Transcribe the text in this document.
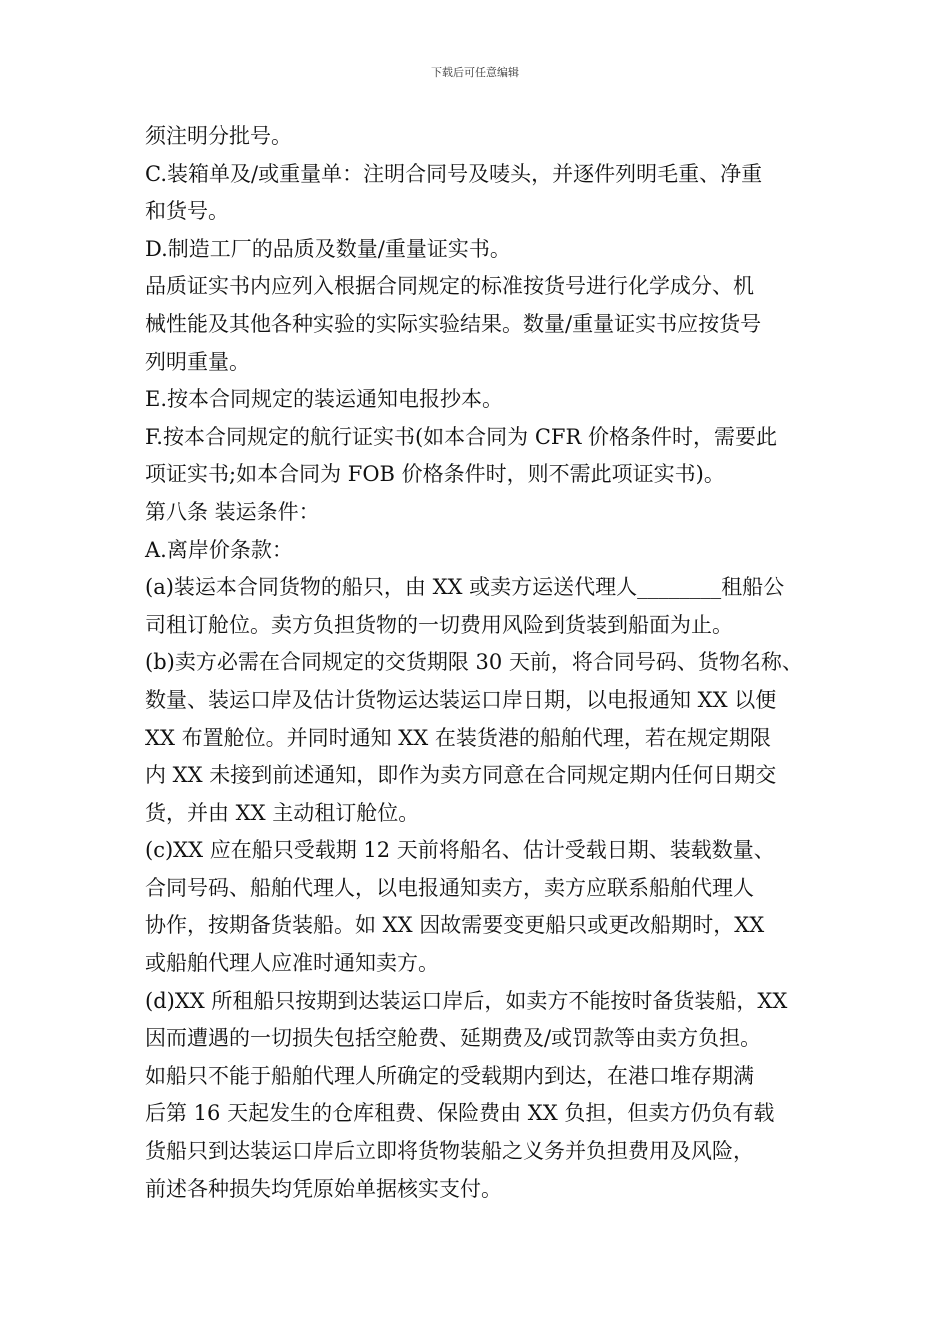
下载后可任意编辑
须注明分批号。
C.装箱单及/或重量单：注明合同号及唛头，并逐件列明毛重、净重
和货号。
D.制造工厂的品质及数量/重量证实书。
品质证实书内应列入根据合同规定的标准按货号进行化学成分、机
械性能及其他各种实验的实际实验结果。数量/重量证实书应按货号
列明重量。
E.按本合同规定的装运通知电报抄本。
F.按本合同规定的航行证实书(如本合同为 CFR 价格条件时，需要此
项证实书;如本合同为 FOB 价格条件时，则不需此项证实书)。
第八条 装运条件：
A.离岸价条款：
(a)装运本合同货物的船只，由 XX 或卖方运送代理人________租船公
司租订舱位。卖方负担货物的一切费用风险到货装到船面为止。
(b)卖方必需在合同规定的交货期限 30 天前，将合同号码、货物名称、
数量、装运口岸及估计货物运达装运口岸日期，以电报通知 XX 以便
XX 布置舱位。并同时通知 XX 在装货港的船舶代理，若在规定期限
内 XX 未接到前述通知，即作为卖方同意在合同规定期内任何日期交
货，并由 XX 主动租订舱位。
(c)XX 应在船只受载期 12 天前将船名、估计受载日期、装载数量、
合同号码、船舶代理人，以电报通知卖方，卖方应联系船舶代理人
协作，按期备货装船。如 XX 因故需要变更船只或更改船期时，XX
或船舶代理人应准时通知卖方。
(d)XX 所租船只按期到达装运口岸后，如卖方不能按时备货装船，XX
因而遭遇的一切损失包括空舱费、延期费及/或罚款等由卖方负担。
如船只不能于船舶代理人所确定的受载期内到达，在港口堆存期满
后第 16 天起发生的仓库租费、保险费由 XX 负担，但卖方仍负有载
货船只到达装运口岸后立即将货物装船之义务并负担费用及风险，
前述各种损失均凭原始单据核实支付。
